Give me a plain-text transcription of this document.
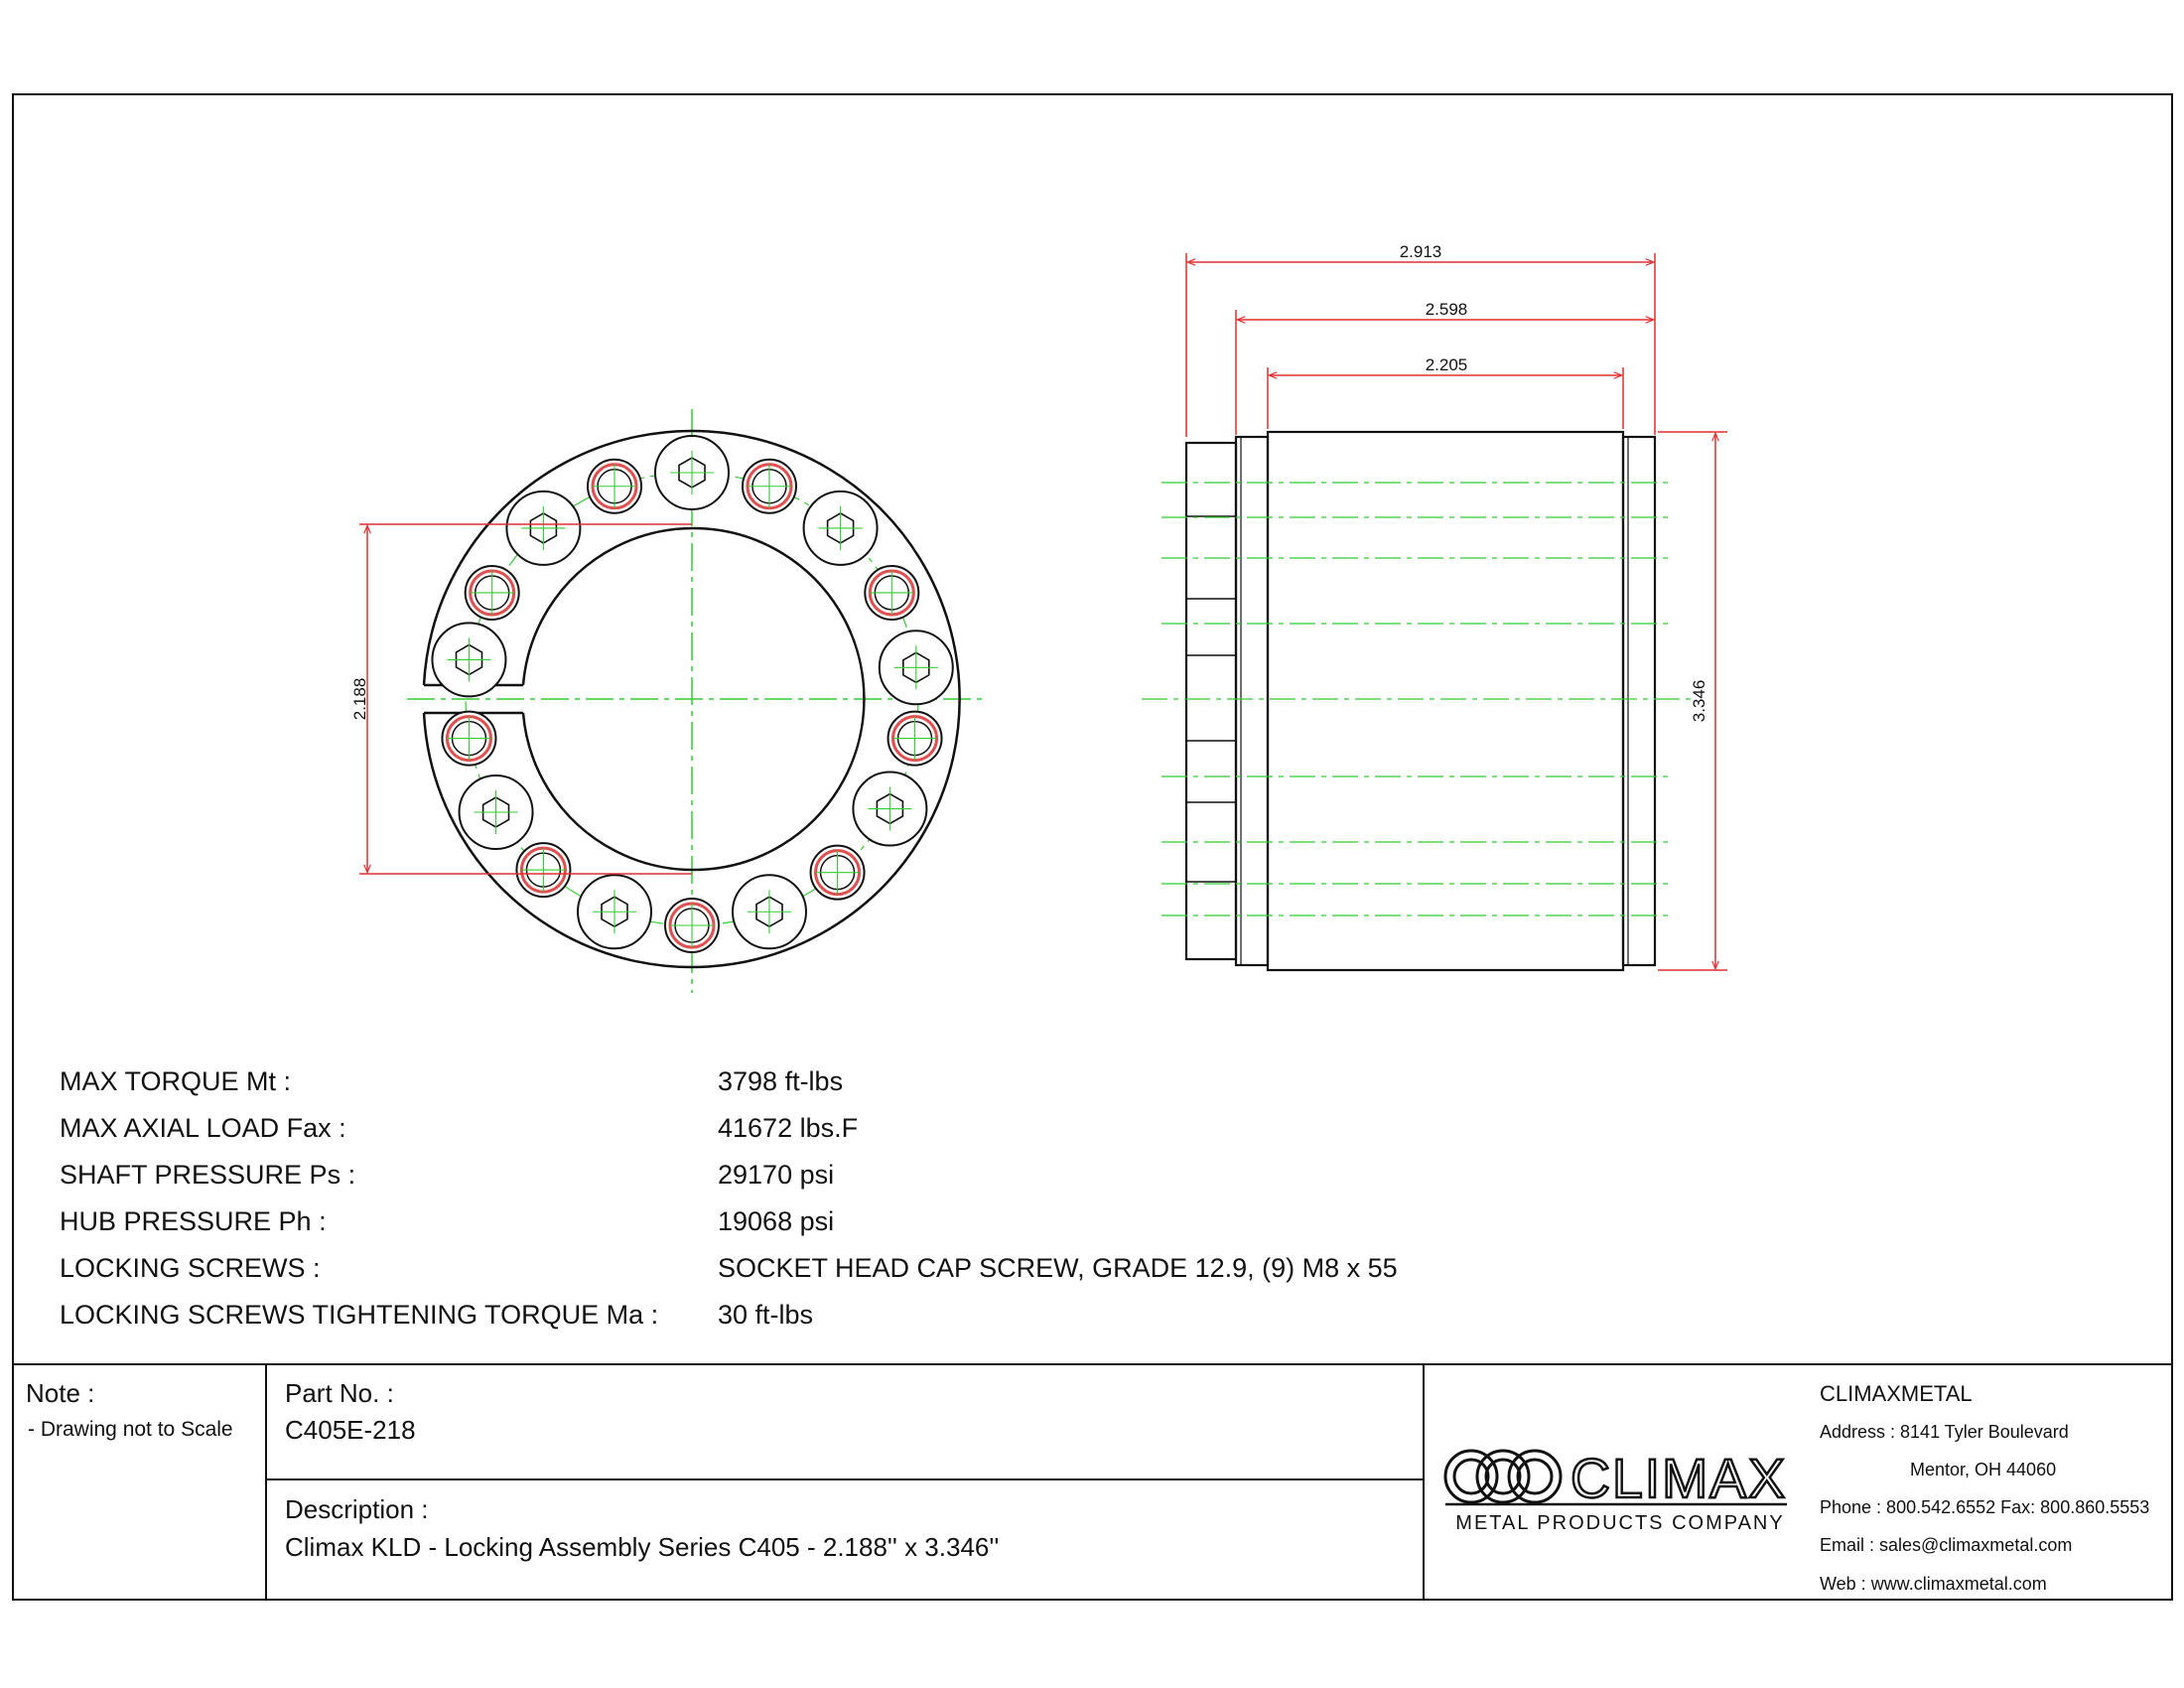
2.188
2.913
2.598
2.205
3.346
CLIMAX
METAL PRODUCTS COMPANY
MAX TORQUE Mt :	3798 ft-lbs
MAX AXIAL LOAD Fax :	41672 lbs.F
SHAFT PRESSURE Ps :	29170 psi
HUB PRESSURE Ph :	19068 psi
LOCKING SCREWS :	SOCKET HEAD CAP SCREW, GRADE 12.9, (9) M8 x 55
LOCKING SCREWS TIGHTENING TORQUE Ma : 30 ft-lbs
Note :
- Drawing not to Scale
Part No. :
C405E-218
Description :
Climax KLD - Locking Assembly Series C405 - 2.188'' x 3.346''
CLIMAXMETAL
Address : 8141 Tyler Boulevard
Mentor, OH 44060
Phone : 800.542.6552 Fax: 800.860.5553
Email : sales@climaxmetal.com
Web : www.climaxmetal.com
